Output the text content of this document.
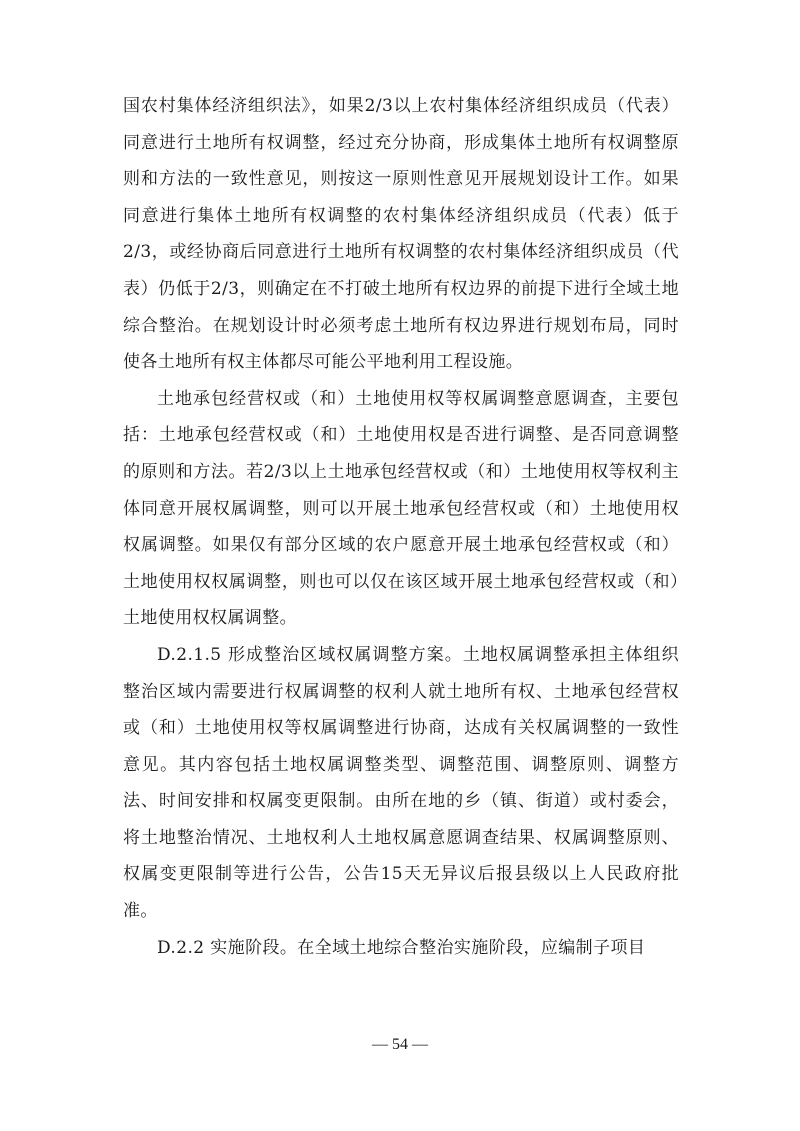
国农村集体经济组织法》，如果2/3以上农村集体经济组织成员（代表）同意进行土地所有权调整，经过充分协商，形成集体土地所有权调整原则和方法的一致性意见，则按这一原则性意见开展规划设计工作。如果同意进行集体土地所有权调整的农村集体经济组织成员（代表）低于2/3，或经协商后同意进行土地所有权调整的农村集体经济组织成员（代表）仍低于2/3，则确定在不打破土地所有权边界的前提下进行全域土地综合整治。在规划设计时必须考虑土地所有权边界进行规划布局，同时使各土地所有权主体都尽可能公平地利用工程设施。

土地承包经营权或（和）土地使用权等权属调整意愿调查，主要包括：土地承包经营权或（和）土地使用权是否进行调整、是否同意调整的原则和方法。若2/3以上土地承包经营权或（和）土地使用权等权利主体同意开展权属调整，则可以开展土地承包经营权或（和）土地使用权权属调整。如果仅有部分区域的农户愿意开展土地承包经营权或（和）土地使用权权属调整，则也可以仅在该区域开展土地承包经营权或（和）土地使用权权属调整。

D.2.1.5 形成整治区域权属调整方案。土地权属调整承担主体组织整治区域内需要进行权属调整的权利人就土地所有权、土地承包经营权或（和）土地使用权等权属调整进行协商，达成有关权属调整的一致性意见。其内容包括土地权属调整类型、调整范围、调整原则、调整方法、时间安排和权属变更限制。由所在地的乡（镇、街道）或村委会，将土地整治情况、土地权利人土地权属意愿调查结果、权属调整原则、权属变更限制等进行公告，公告15天无异议后报县级以上人民政府批准。

D.2.2 实施阶段。在全域土地综合整治实施阶段，应编制子项目

— 54 —
